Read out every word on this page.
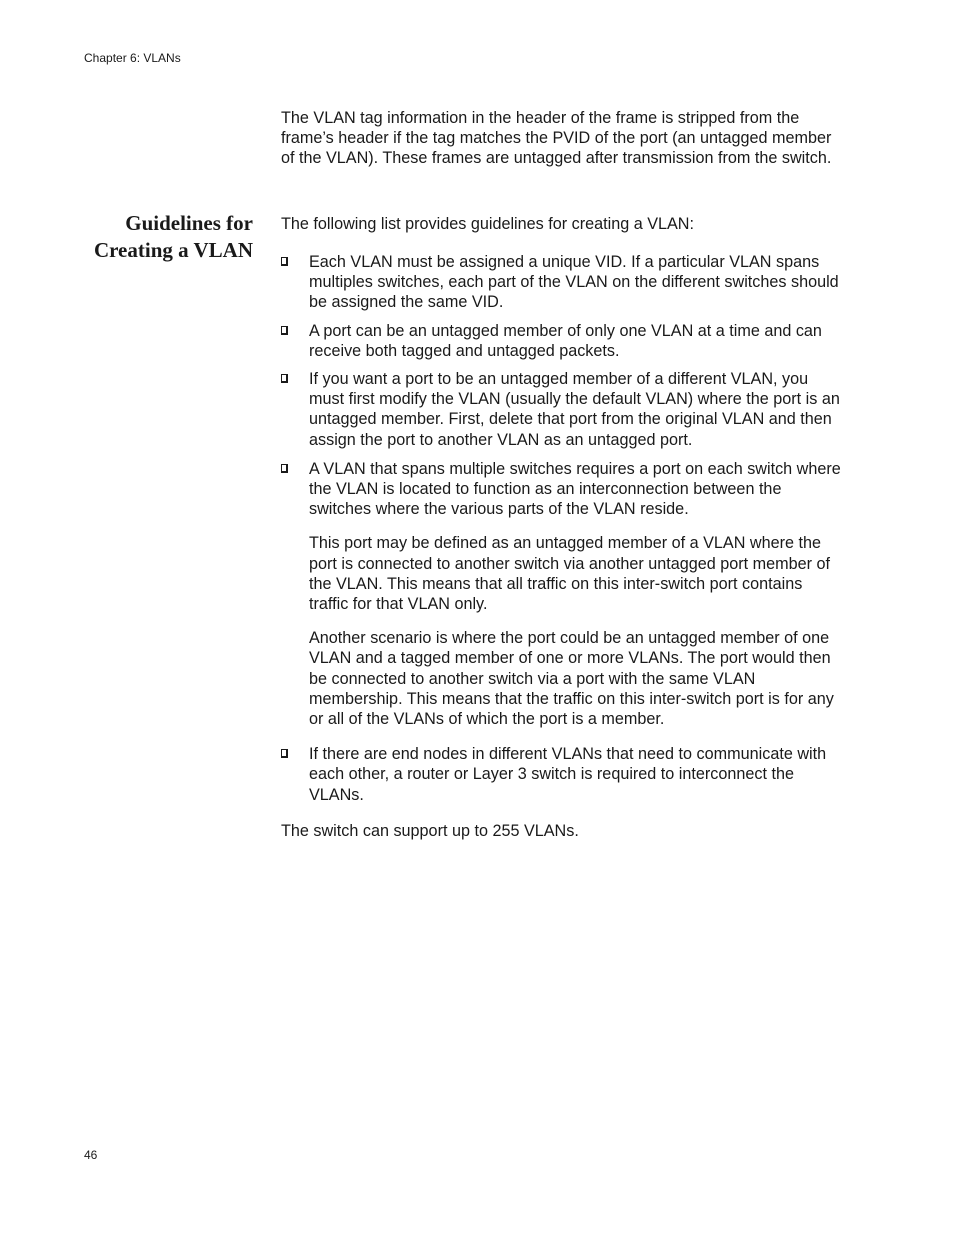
Chapter 6: VLANs

The VLAN tag information in the header of the frame is stripped from the frame’s header if the tag matches the PVID of the port (an untagged member of the VLAN). These frames are untagged after transmission from the switch.

Guidelines for
Creating a VLAN

The following list provides guidelines for creating a VLAN:

Each VLAN must be assigned a unique VID. If a particular VLAN spans multiples switches, each part of the VLAN on the different switches should be assigned the same VID.

A port can be an untagged member of only one VLAN at a time and can receive both tagged and untagged packets.

If you want a port to be an untagged member of a different VLAN, you must first modify the VLAN (usually the default VLAN) where the port is an untagged member. First, delete that port from the original VLAN and then assign the port to another VLAN as an untagged port.

A VLAN that spans multiple switches requires a port on each switch where the VLAN is located to function as an interconnection between the switches where the various parts of the VLAN reside.

This port may be defined as an untagged member of a VLAN where the port is connected to another switch via another untagged port member of the VLAN. This means that all traffic on this inter-switch port contains traffic for that VLAN only.

Another scenario is where the port could be an untagged member of one VLAN and a tagged member of one or more VLANs. The port would then be connected to another switch via a port with the same VLAN membership. This means that the traffic on this inter-switch port is for any or all of the VLANs of which the port is a member.

If there are end nodes in different VLANs that need to communicate with each other, a router or Layer 3 switch is required to interconnect the VLANs.

The switch can support up to 255 VLANs.

46
